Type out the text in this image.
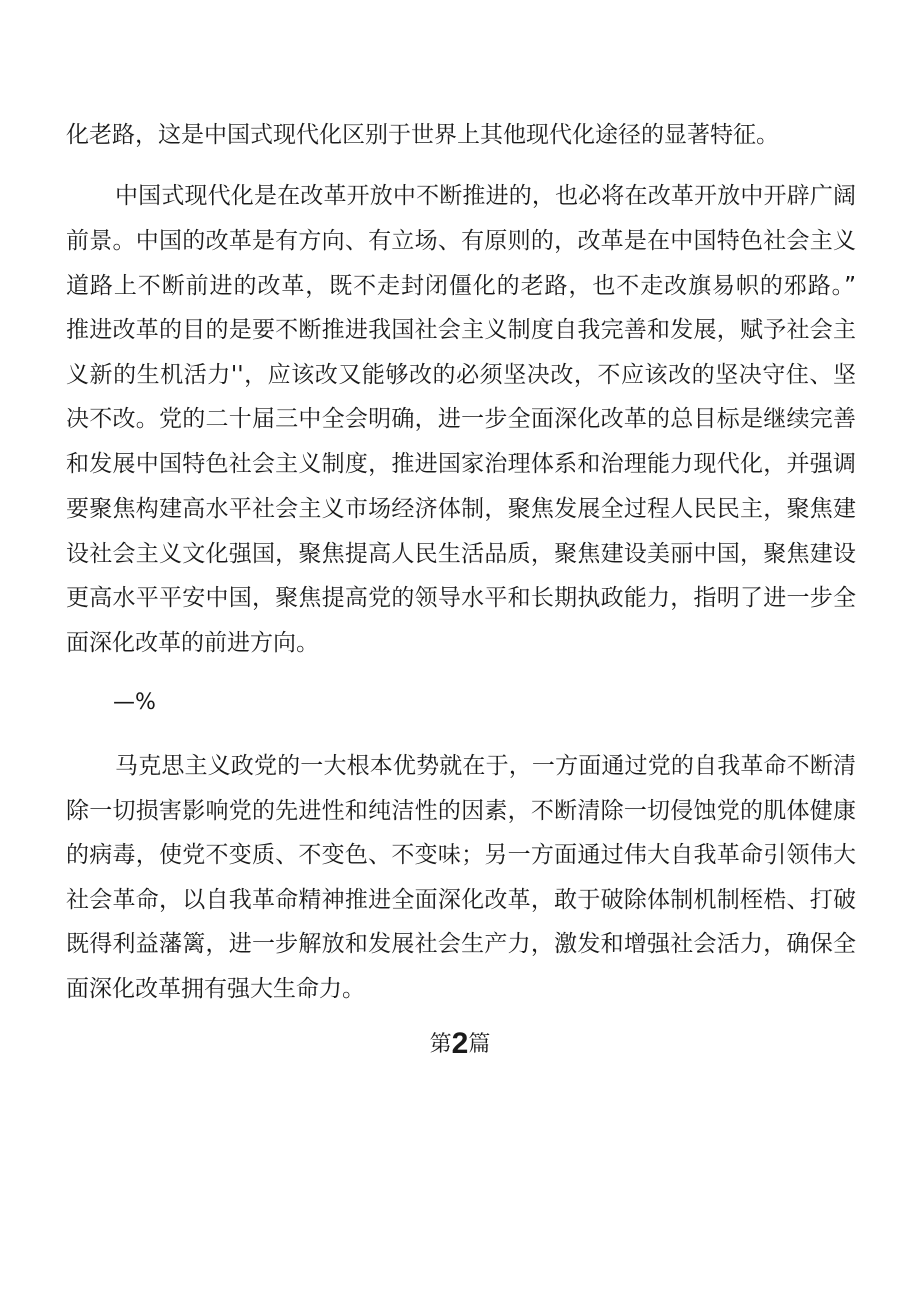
化老路，这是中国式现代化区别于世界上其他现代化途径的显著特征。
中国式现代化是在改革开放中不断推进的，也必将在改革开放中开辟广阔
前景。中国的改革是有方向、有立场、有原则的，改革是在中国特色社会主义
道路上不断前进的改革，既不走封闭僵化的老路，也不走改旗易帜的邪路。”
推进改革的目的是要不断推进我国社会主义制度自我完善和发展，赋予社会主
义新的生机活力''，应该改又能够改的必须坚决改，不应该改的坚决守住、坚
决不改。党的二十届三中全会明确，进一步全面深化改革的总目标是继续完善
和发展中国特色社会主义制度，推进国家治理体系和治理能力现代化，并强调
要聚焦构建高水平社会主义市场经济体制，聚焦发展全过程人民民主，聚焦建
设社会主义文化强国，聚焦提高人民生活品质，聚焦建设美丽中国，聚焦建设
更高水平平安中国，聚焦提高党的领导水平和长期执政能力，指明了进一步全
面深化改革的前进方向。
马克思主义政党的一大根本优势就在于，一方面通过党的自我革命不断清
除一切损害影响党的先进性和纯洁性的因素，不断清除一切侵蚀党的肌体健康
的病毒，使党不变质、不变色、不变味；另一方面通过伟大自我革命引领伟大
社会革命，以自我革命精神推进全面深化改革，敢于破除体制机制桎梏、打破
既得利益藩篱，进一步解放和发展社会生产力，激发和增强社会活力，确保全
面深化改革拥有强大生命力。
—%
第2篇
